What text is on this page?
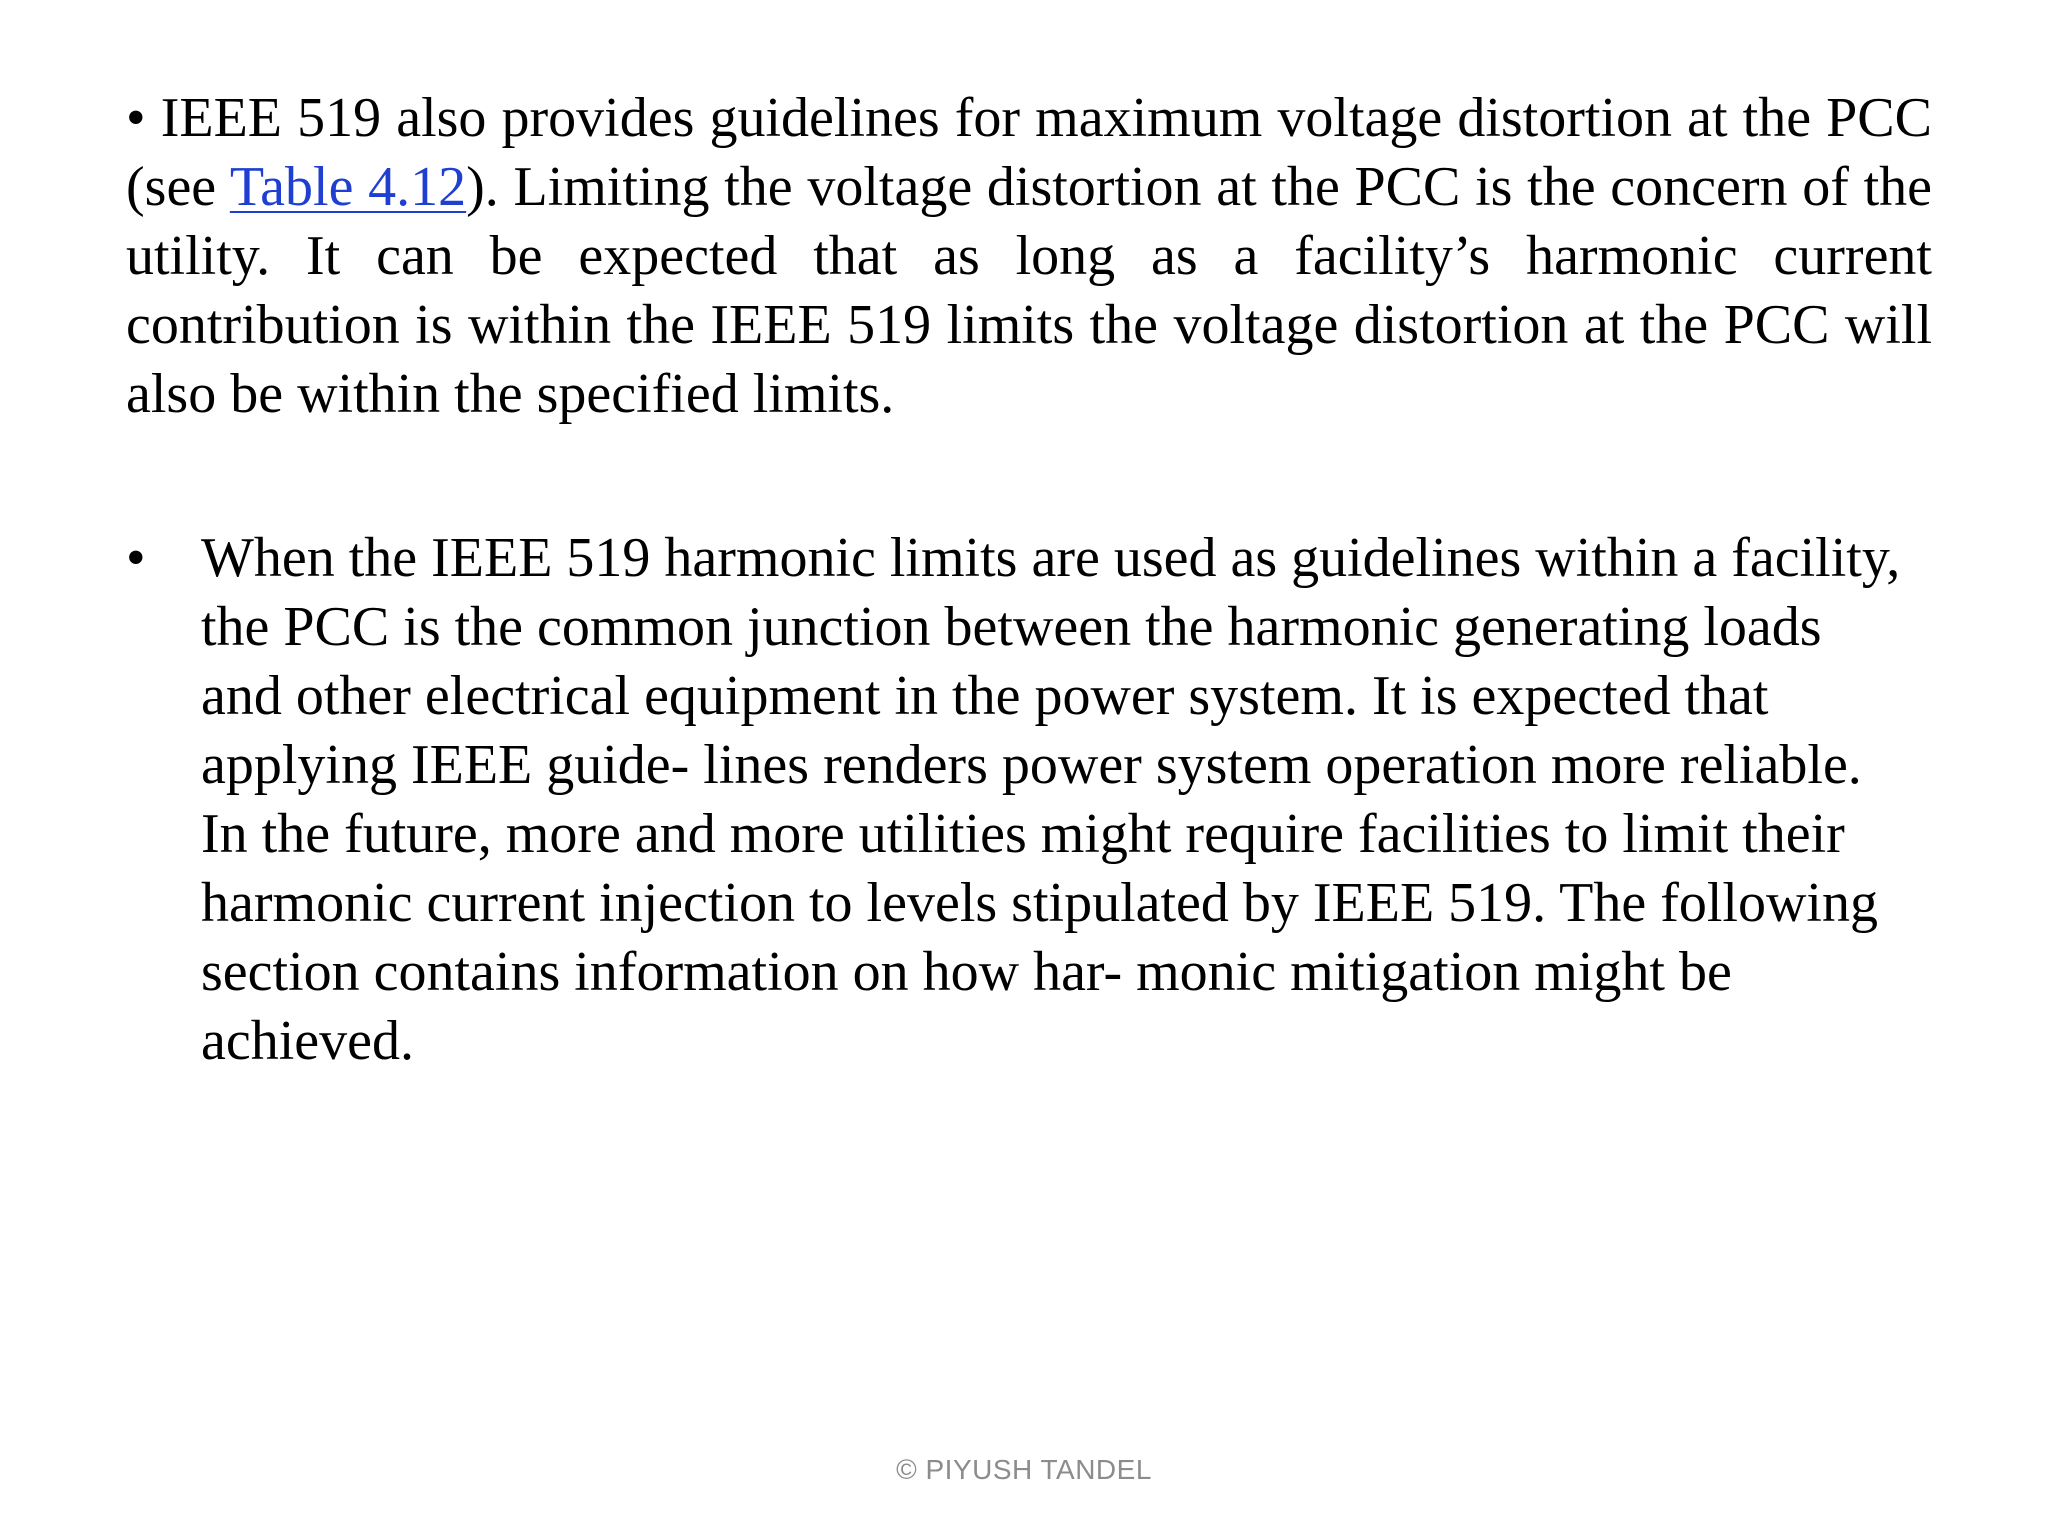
• IEEE 519 also provides guidelines for maximum voltage distortion at the PCC (see Table 4.12). Limiting the voltage distortion at the PCC is the concern of the utility. It can be expected that as long as a facility’s harmonic current contribution is within the IEEE 519 limits the voltage distortion at the PCC will also be within the specified limits.

• When the IEEE 519 harmonic limits are used as guidelines within a facility,
the PCC is the common junction between the harmonic generating loads
and other electrical equipment in the power system. It is expected that
applying IEEE guide- lines renders power system operation more reliable.
In the future, more and more utilities might require facilities to limit their
harmonic current injection to levels stipulated by IEEE 519. The following
section contains information on how har- monic mitigation might be
achieved.
© PIYUSH TANDEL
